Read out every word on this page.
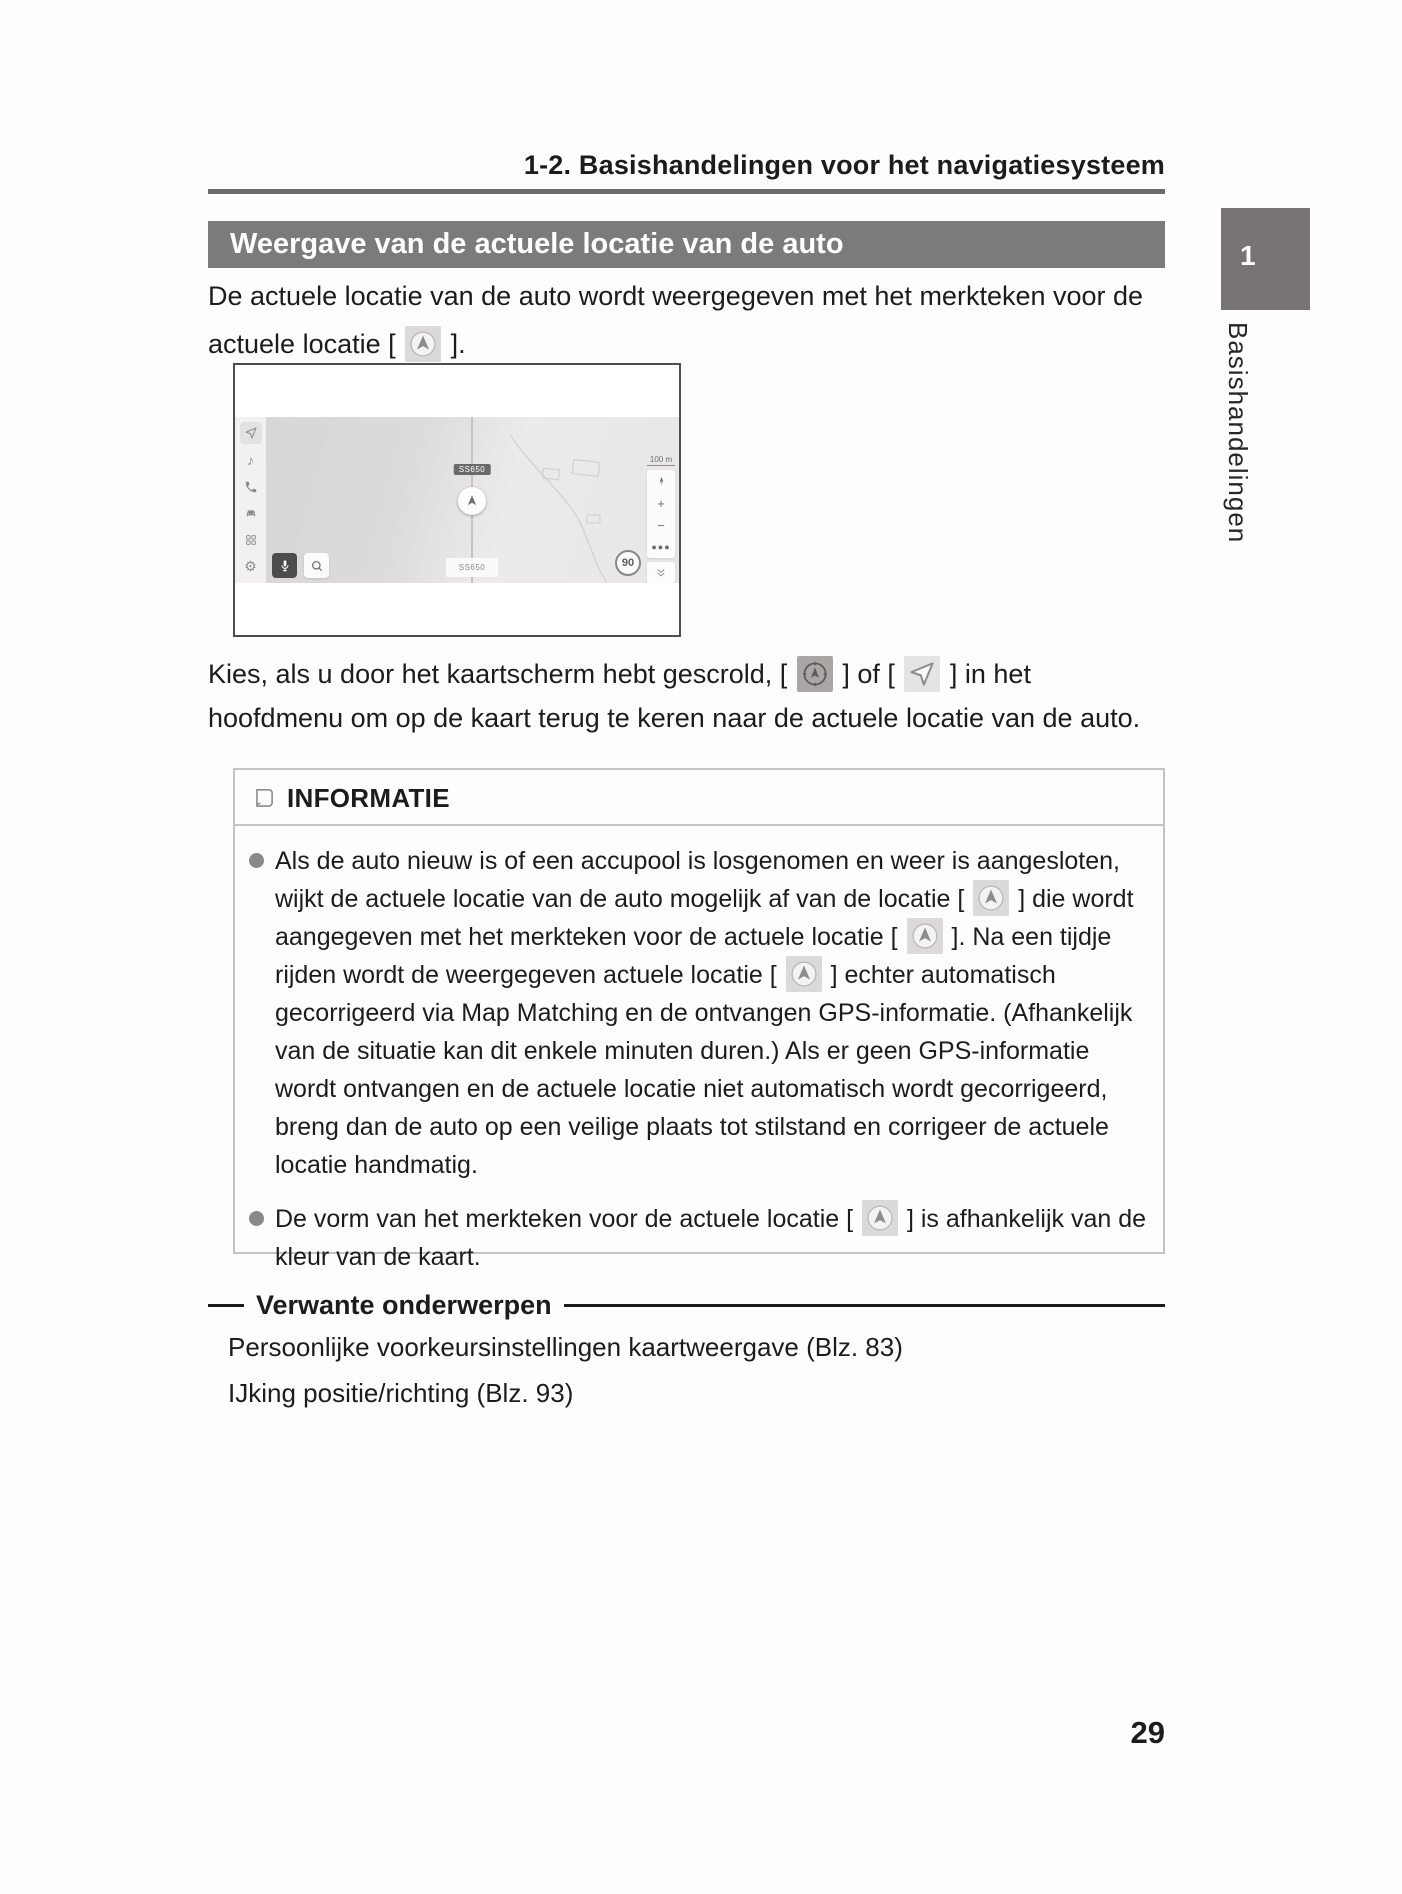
1-2. Basishandelingen voor het navigatiesysteem
Weergave van de actuele locatie van de auto
De actuele locatie van de auto wordt weergegeven met het merkteken voor de actuele locatie [ ].
♪
⚙
SS650
SS650
100 m
+
−
●●●
90
Kies, als u door het kaartscherm hebt gescrold, [ ] of [ ] in het
hoofdmenu om op de kaart terug te keren naar de actuele locatie van de auto.
INFORMATIE
Als de auto nieuw is of een accupool is losgenomen en weer is aangesloten, wijkt de actuele locatie van de auto mogelijk af van de locatie [ ] die wordt aangegeven met het merkteken voor de actuele locatie [ ]. Na een tijdje rijden wordt de weergegeven actuele locatie [ ] echter automatisch gecorrigeerd via Map Matching en de ontvangen GPS-informatie. (Afhankelijk van de situatie kan dit enkele minuten duren.) Als er geen GPS-informatie wordt ontvangen en de actuele locatie niet automatisch wordt gecorrigeerd, breng dan de auto op een veilige plaats tot stilstand en corrigeer de actuele locatie handmatig.
De vorm van het merkteken voor de actuele locatie [ ] is afhankelijk van de kleur van de kaart.
Verwante onderwerpen
Persoonlijke voorkeursinstellingen kaartweergave (Blz. 83)
IJking positie/richting (Blz. 93)
1
Basishandelingen
29
